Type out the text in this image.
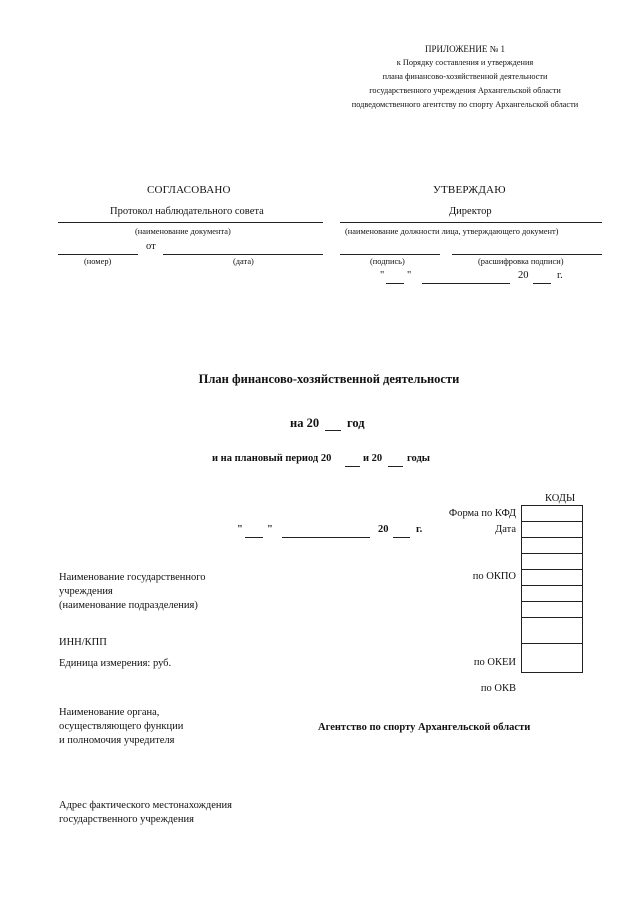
ПРИЛОЖЕНИЕ № 1
к Порядку составления и утверждения
плана финансово-хозяйственной деятельности
государственного учреждения Архангельской области
подведомственного агентству по спорту Архангельской области
СОГЛАСОВАНО
Протокол наблюдательного совета
(наименование документа)
от
(номер)	(дата)
УТВЕРЖДАЮ
Директор
(наименование должности лица, утверждающего документ)
(подпись)	(расшифровка подписи)
" "	20	г.
План финансово-хозяйственной деятельности
на 20 год
и на плановый период 20	и 20 годы
" "	20	г.
КОДЫ
Форма по КФД
Дата
по ОКПО
по ОКЕИ
по ОКВ

Наименование государственного
учреждения
(наименование подразделения)
ИНН/КПП
Единица измерения: руб.
Наименование органа,
осуществляющего функции
и полномочия учредителя
Агентство по спорту Архангельской области
Адрес фактического местонахождения
государственного учреждения
